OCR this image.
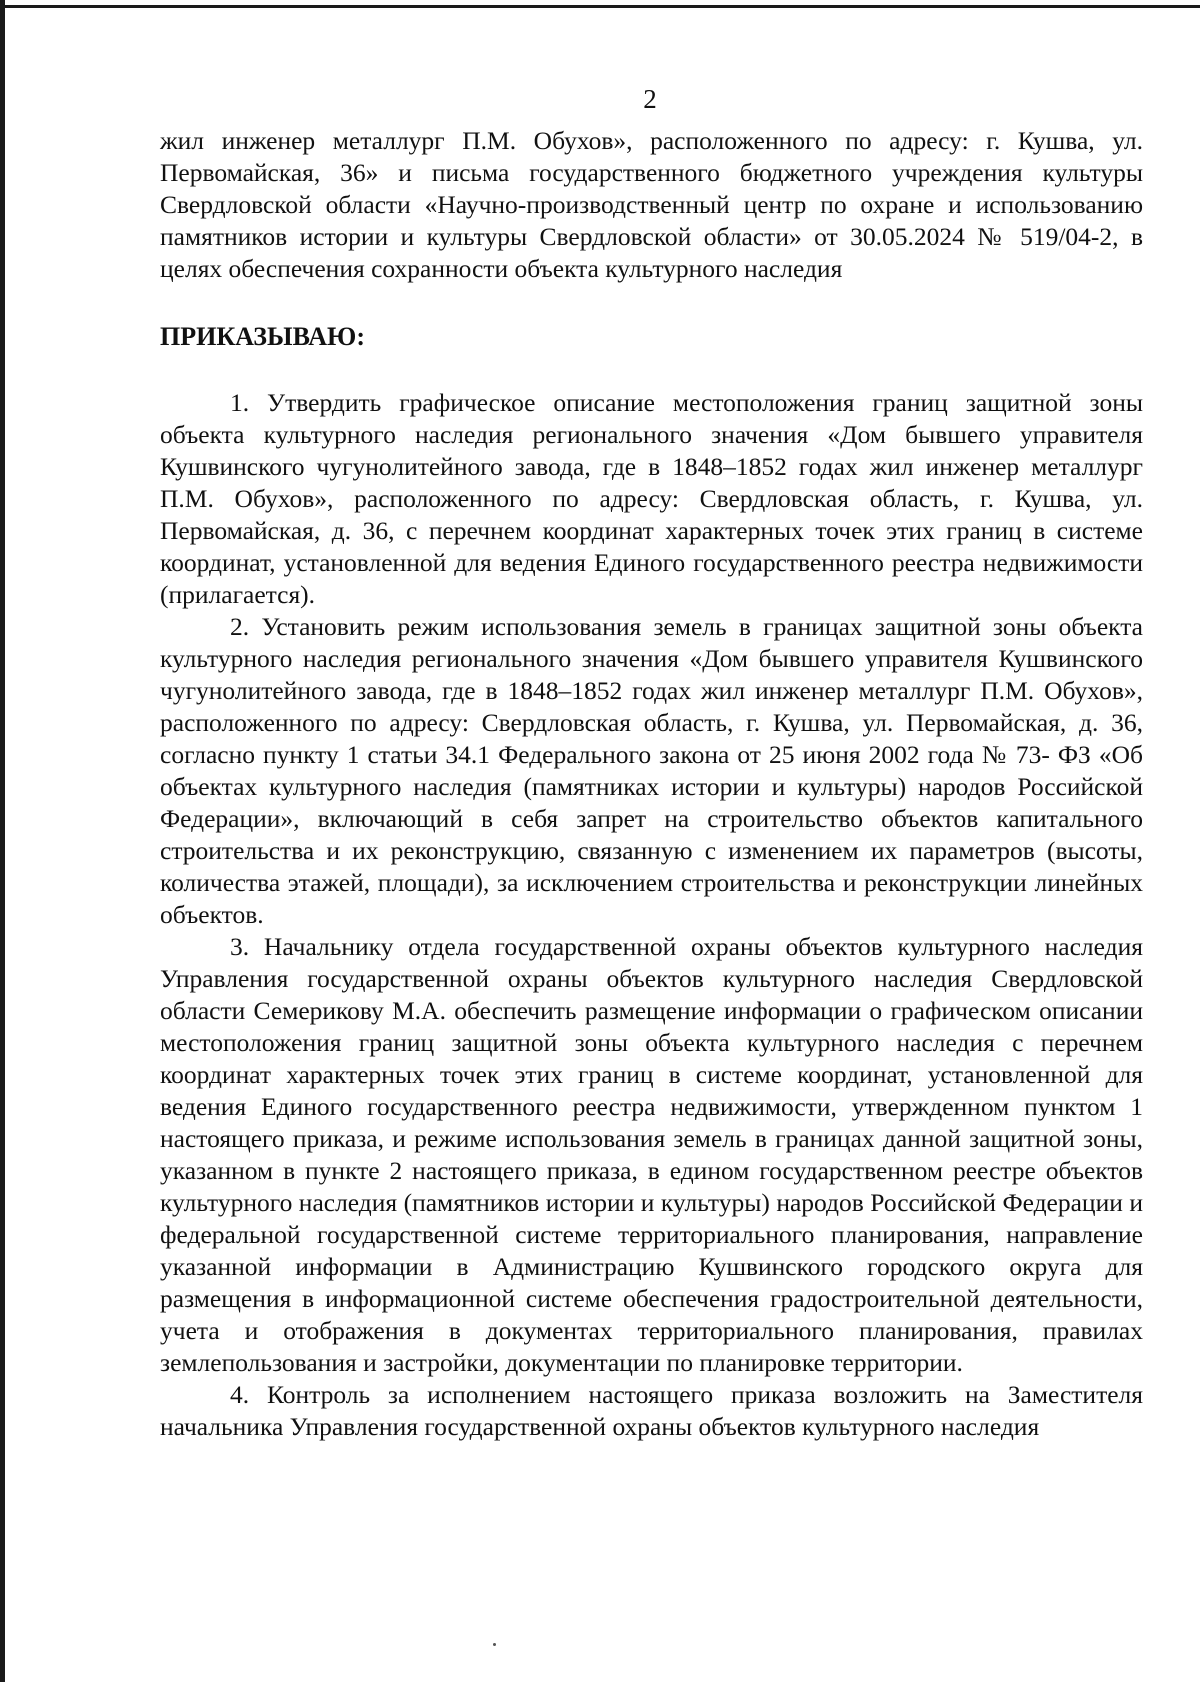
2

жил инженер металлург П.М. Обухов», расположенного по адресу: г. Кушва, ул. Первомайская, 36» и письма государственного бюджетного учреждения культуры Свердловской области «Научно-производственный центр по охране и использованию памятников истории и культуры Свердловской области» от 30.05.2024 № 519/04-2, в целях обеспечения сохранности объекта культурного наследия

ПРИКАЗЫВАЮ:

1. Утвердить графическое описание местоположения границ защитной зоны объекта культурного наследия регионального значения «Дом бывшего управителя Кушвинского чугунолитейного завода, где в 1848–1852 годах жил инженер металлург П.М. Обухов», расположенного по адресу: Свердловская область, г. Кушва, ул. Первомайская, д. 36, с перечнем координат характерных точек этих границ в системе координат, установленной для ведения Единого государственного реестра недвижимости (прилагается).

2. Установить режим использования земель в границах защитной зоны объекта культурного наследия регионального значения «Дом бывшего управителя Кушвинского чугунолитейного завода, где в 1848–1852 годах жил инженер металлург П.М. Обухов», расположенного по адресу: Свердловская область, г. Кушва, ул. Первомайская, д. 36, согласно пункту 1 статьи 34.1 Федерального закона от 25 июня 2002 года № 73- ФЗ «Об объектах культурного наследия (памятниках истории и культуры) народов Российской Федерации», включающий в себя запрет на строительство объектов капитального строительства и их реконструкцию, связанную с изменением их параметров (высоты, количества этажей, площади), за исключением строительства и реконструкции линейных объектов.

3. Начальнику отдела государственной охраны объектов культурного наследия Управления государственной охраны объектов культурного наследия Свердловской области Семерикову М.А. обеспечить размещение информации о графическом описании местоположения границ защитной зоны объекта культурного наследия с перечнем координат характерных точек этих границ в системе координат, установленной для ведения Единого государственного реестра недвижимости, утвержденном пунктом 1 настоящего приказа, и режиме использования земель в границах данной защитной зоны, указанном в пункте 2 настоящего приказа, в едином государственном реестре объектов культурного наследия (памятников истории и культуры) народов Российской Федерации и федеральной государственной системе территориального планирования, направление указанной информации в Администрацию Кушвинского городского округа для размещения в информационной системе обеспечения градостроительной деятельности, учета и отображения в документах территориального планирования, правилах землепользования и застройки, документации по планировке территории.

4. Контроль за исполнением настоящего приказа возложить на Заместителя начальника Управления государственной охраны объектов культурного наследия
